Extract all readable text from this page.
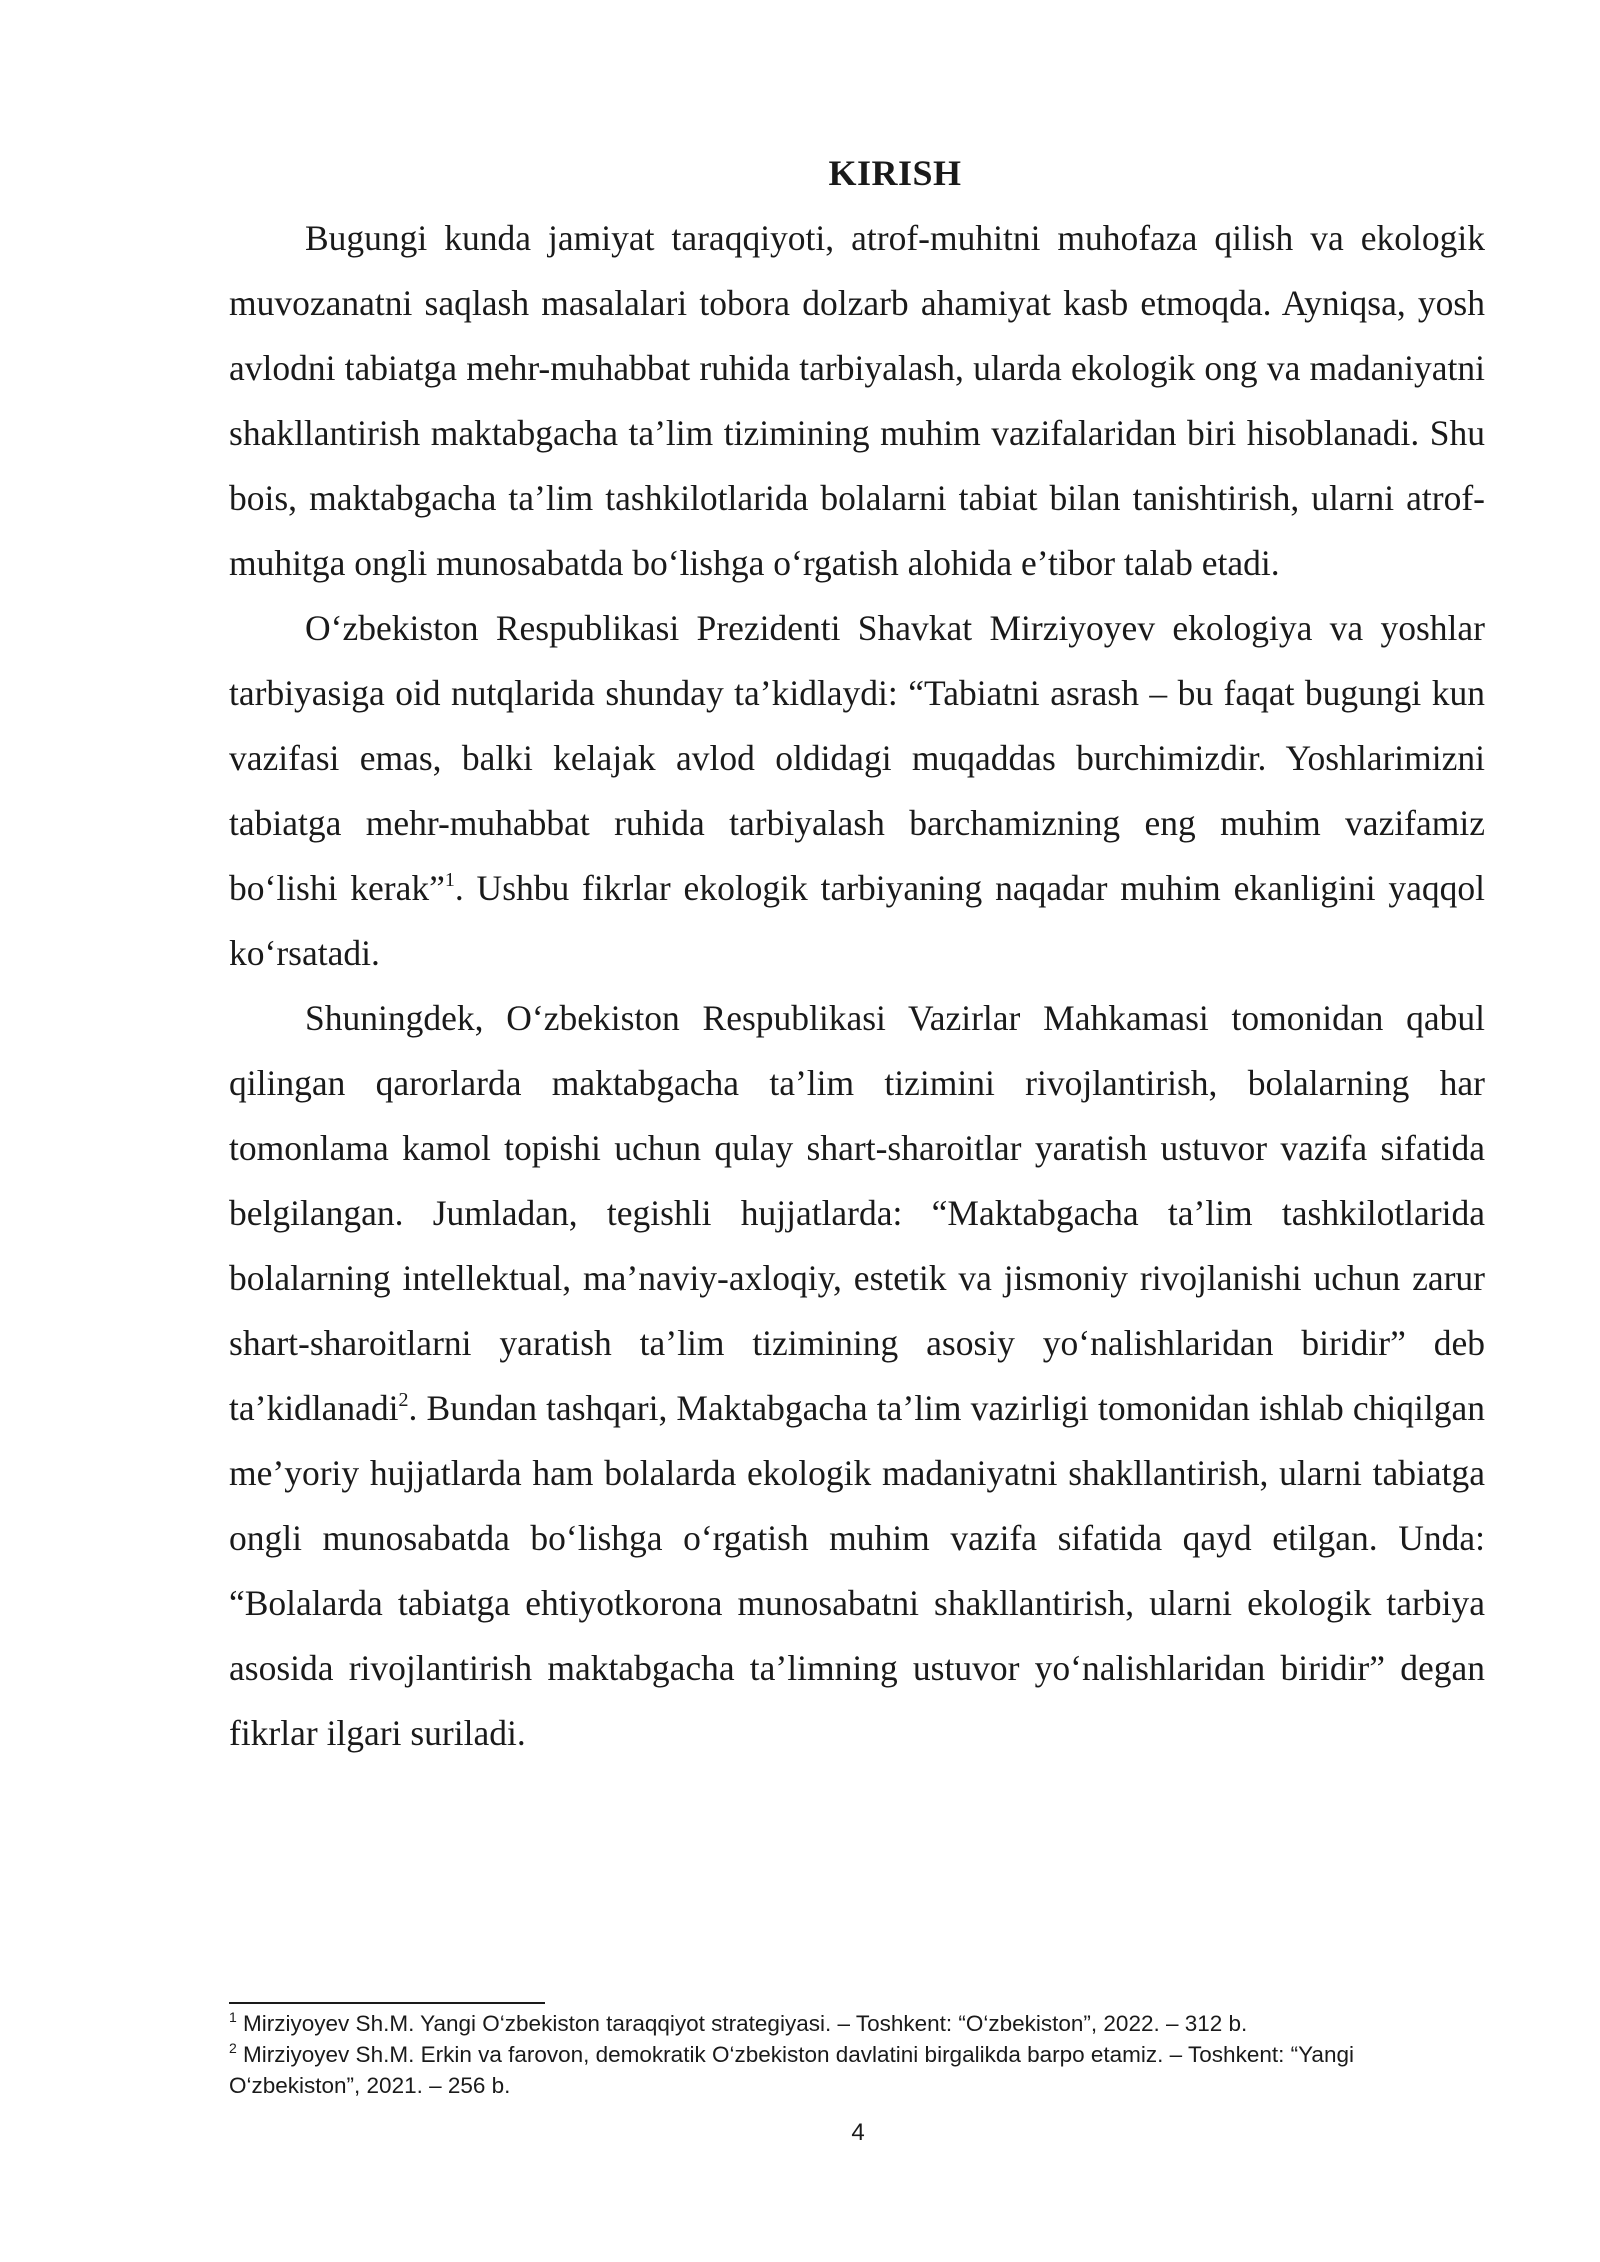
KIRISH

Bugungi kunda jamiyat taraqqiyoti, atrof-muhitni muhofaza qilish va ekologik muvozanatni saqlash masalalari tobora dolzarb ahamiyat kasb etmoqda. Ayniqsa, yosh avlodni tabiatga mehr-muhabbat ruhida tarbiyalash, ularda ekologik ong va madaniyatni shakllantirish maktabgacha ta’lim tizimining muhim vazifalaridan biri hisoblanadi. Shu bois, maktabgacha ta’lim tashkilotlarida bolalarni tabiat bilan tanishtirish, ularni atrof-muhitga ongli munosabatda bo‘lishga o‘rgatish alohida e’tibor talab etadi.

O‘zbekiston Respublikasi Prezidenti Shavkat Mirziyoyev ekologiya va yoshlar tarbiyasiga oid nutqlarida shunday ta’kidlaydi: “Tabiatni asrash – bu faqat bugungi kun vazifasi emas, balki kelajak avlod oldidagi muqaddas burchimizdir. Yoshlarimizni tabiatga mehr-muhabbat ruhida tarbiyalash barchamizning eng muhim vazifamiz bo‘lishi kerak”$^1$. Ushbu fikrlar ekologik tarbiyaning naqadar muhim ekanligini yaqqol ko‘rsatadi.

Shuningdek, O‘zbekiston Respublikasi Vazirlar Mahkamasi tomonidan qabul qilingan qarorlarda maktabgacha ta’lim tizimini rivojlantirish, bolalarning har tomonlama kamol topishi uchun qulay shart-sharoitlar yaratish ustuvor vazifa sifatida belgilangan. Jumladan, tegishli hujjatlarda: “Maktabgacha ta’lim tashkilotlarida bolalarning intellektual, ma’naviy-axloqiy, estetik va jismoniy rivojlanishi uchun zarur shart-sharoitlarni yaratish ta’lim tizimining asosiy yo‘nalishlaridan biridir” deb ta’kidlanadi$^2$. Bundan tashqari, Maktabgacha ta’lim vazirligi tomonidan ishlab chiqilgan me’yoriy hujjatlarda ham bolalarda ekologik madaniyatni shakllantirish, ularni tabiatga ongli munosabatda bo‘lishga o‘rgatish muhim vazifa sifatida qayd etilgan. Unda: “Bolalarda tabiatga ehtiyotkorona munosabatni shakllantirish, ularni ekologik tarbiya asosida rivojlantirish maktabgacha ta’limning ustuvor yo‘nalishlaridan biridir” degan fikrlar ilgari suriladi.

$^1$ Mirziyoyev Sh.M. Yangi O‘zbekiston taraqqiyot strategiyasi. – Toshkent: “O‘zbekiston”, 2022. – 312 b.

$^2$ Mirziyoyev Sh.M. Erkin va farovon, demokratik O‘zbekiston davlatini birgalikda barpo etamiz. – Toshkent: “Yangi O‘zbekiston”, 2021. – 256 b.

4
